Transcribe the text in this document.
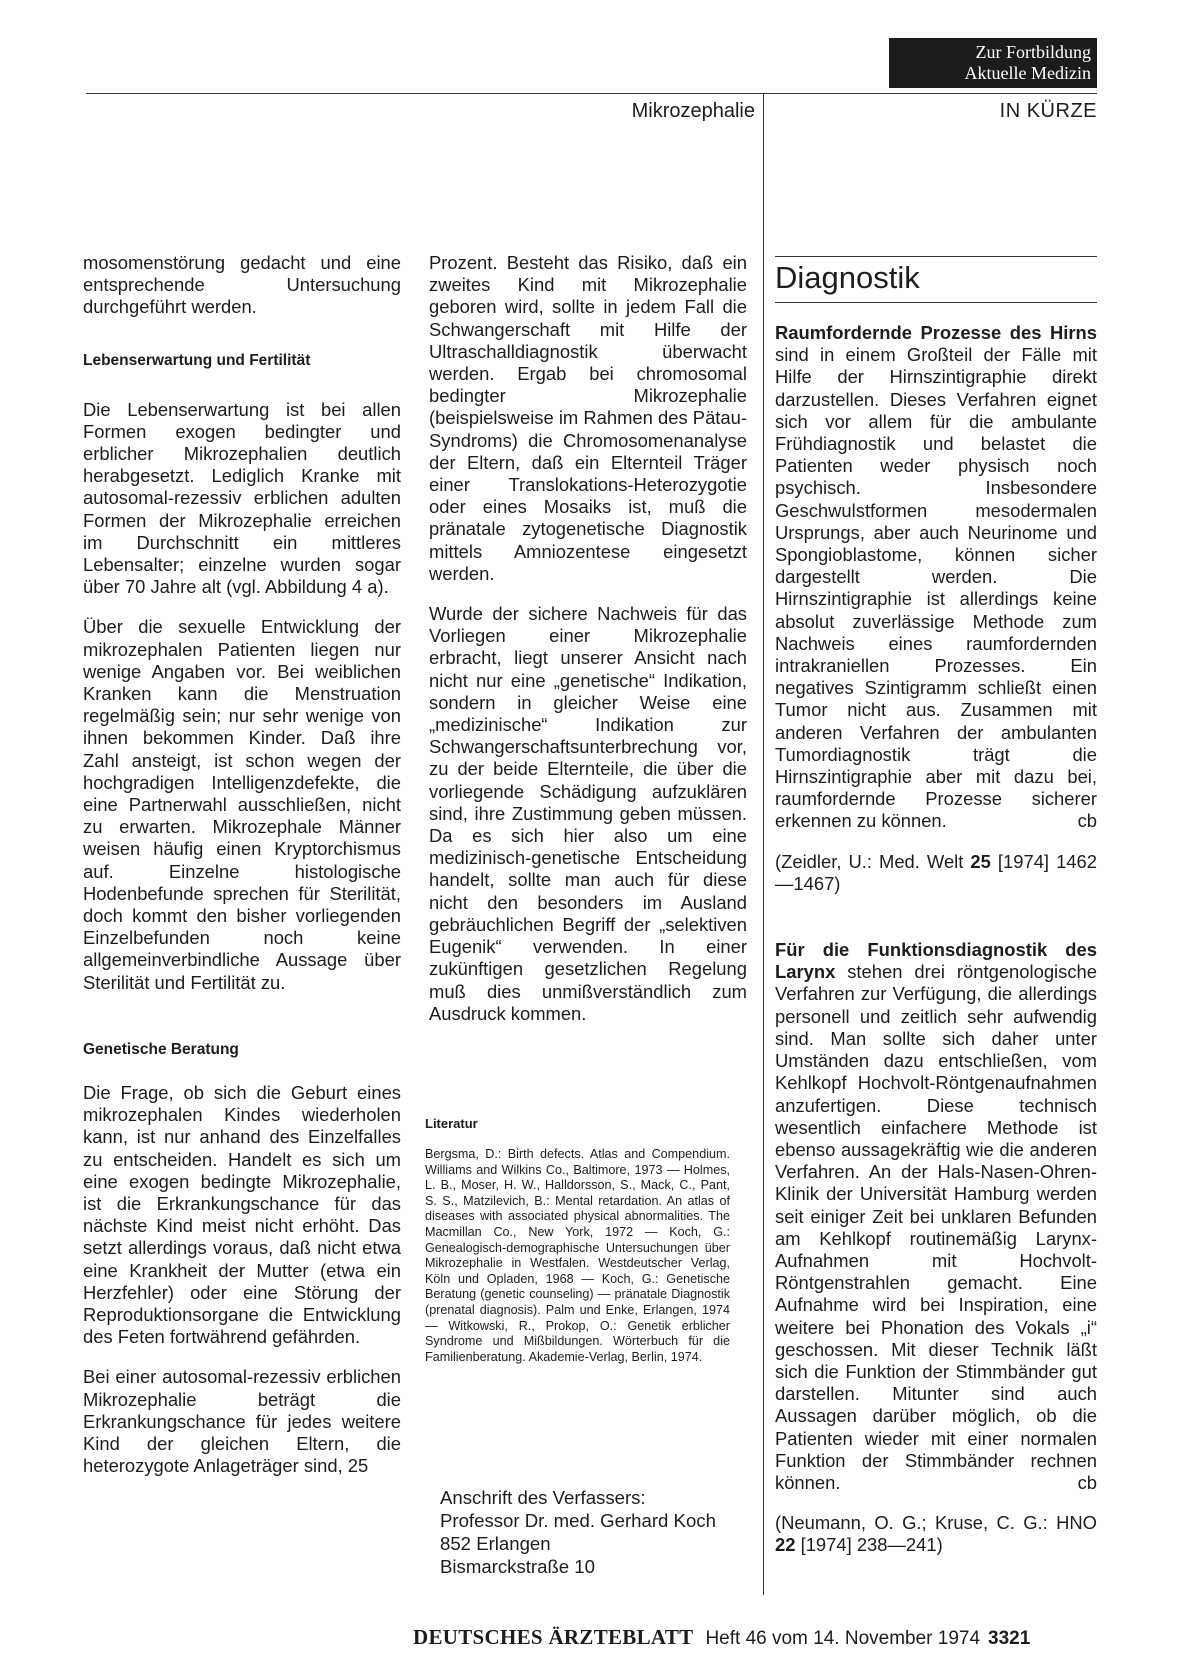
Zur Fortbildung
Aktuelle Medizin
Mikrozephalie	IN KÜRZE

mosomenstörung gedacht und eine entsprechende Untersuchung durchgeführt werden.

Lebenserwartung und Fertilität

Die Lebenserwartung ist bei allen Formen exogen bedingter und erblicher Mikrozephalien deutlich herabgesetzt. Lediglich Kranke mit autosomal-rezessiv erblichen adulten Formen der Mikrozephalie erreichen im Durchschnitt ein mittleres Lebensalter; einzelne wurden sogar über 70 Jahre alt (vgl. Abbildung 4 a).

Über die sexuelle Entwicklung der mikrozephalen Patienten liegen nur wenige Angaben vor. Bei weiblichen Kranken kann die Menstruation regelmäßig sein; nur sehr wenige von ihnen bekommen Kinder. Daß ihre Zahl ansteigt, ist schon wegen der hochgradigen Intelligenzdefekte, die eine Partnerwahl ausschließen, nicht zu erwarten. Mikrozephale Männer weisen häufig einen Kryptorchismus auf. Einzelne histologische Hodenbefunde sprechen für Sterilität, doch kommt den bisher vorliegenden Einzelbefunden noch keine allgemeinverbindliche Aussage über Sterilität und Fertilität zu.

Genetische Beratung

Die Frage, ob sich die Geburt eines mikrozephalen Kindes wiederholen kann, ist nur anhand des Einzelfalles zu entscheiden. Handelt es sich um eine exogen bedingte Mikrozephalie, ist die Erkrankungschance für das nächste Kind meist nicht erhöht. Das setzt allerdings voraus, daß nicht etwa eine Krankheit der Mutter (etwa ein Herzfehler) oder eine Störung der Reproduktionsorgane die Entwicklung des Feten fortwährend gefährden.

Bei einer autosomal-rezessiv erblichen Mikrozephalie beträgt die Erkrankungschance für jedes weitere Kind der gleichen Eltern, die heterozygote Anlageträger sind, 25

Prozent. Besteht das Risiko, daß ein zweites Kind mit Mikrozephalie geboren wird, sollte in jedem Fall die Schwangerschaft mit Hilfe der Ultraschalldiagnostik überwacht werden. Ergab bei chromosomal bedingter Mikrozephalie (beispielsweise im Rahmen des Pätau-Syndroms) die Chromosomenanalyse der Eltern, daß ein Elternteil Träger einer Translokations-Heterozygotie oder eines Mosaiks ist, muß die pränatale zytogenetische Diagnostik mittels Amniozentese eingesetzt werden.

Wurde der sichere Nachweis für das Vorliegen einer Mikrozephalie erbracht, liegt unserer Ansicht nach nicht nur eine „genetische“ Indikation, sondern in gleicher Weise eine „medizinische“ Indikation zur Schwangerschaftsunterbrechung vor, zu der beide Elternteile, die über die vorliegende Schädigung aufzuklären sind, ihre Zustimmung geben müssen. Da es sich hier also um eine medizinisch-genetische Entscheidung handelt, sollte man auch für diese nicht den besonders im Ausland gebräuchlichen Begriff der „selektiven Eugenik“ verwenden. In einer zukünftigen gesetzlichen Regelung muß dies unmißverständlich zum Ausdruck kommen.

Literatur
Bergsma, D.: Birth defects. Atlas and Compendium. Williams and Wilkins Co., Baltimore, 1973 — Holmes, L. B., Moser, H. W., Halldorsson, S., Mack, C., Pant, S. S., Matzilevich, B.: Mental retardation. An atlas of diseases with associated physical abnormalities. The Macmillan Co., New York, 1972 — Koch, G.: Genealogisch-demographische Untersuchungen über Mikrozephalie in Westfalen. Westdeutscher Verlag, Köln und Opladen, 1968 — Koch, G.: Genetische Beratung (genetic counseling) — pränatale Diagnostik (prenatal diagnosis). Palm und Enke, Erlangen, 1974 — Witkowski, R., Prokop, O.: Genetik erblicher Syndrome und Mißbildungen. Wörterbuch für die Familienberatung. Akademie-Verlag, Berlin, 1974.
Anschrift des Verfassers:
Professor Dr. med. Gerhard Koch
852 Erlangen
Bismarckstraße 10
Diagnostik

Raumfordernde Prozesse des Hirns sind in einem Großteil der Fälle mit Hilfe der Hirnszintigraphie direkt darzustellen. Dieses Verfahren eignet sich vor allem für die ambulante Frühdiagnostik und belastet die Patienten weder physisch noch psychisch. Insbesondere Geschwulstformen mesodermalen Ursprungs, aber auch Neurinome und Spongioblastome, können sicher dargestellt werden. Die Hirnszintigraphie ist allerdings keine absolut zuverlässige Methode zum Nachweis eines raumfordernden intrakraniellen Prozesses. Ein negatives Szintigramm schließt einen Tumor nicht aus. Zusammen mit anderen Verfahren der ambulanten Tumordiagnostik trägt die Hirnszintigraphie aber mit dazu bei, raumfordernde Prozesse sicherer erkennen zu können.	cb

(Zeidler, U.: Med. Welt 25 [1974] 1462—1467)

Für die Funktionsdiagnostik des Larynx stehen drei röntgenologische Verfahren zur Verfügung, die allerdings personell und zeitlich sehr aufwendig sind. Man sollte sich daher unter Umständen dazu entschließen, vom Kehlkopf Hochvolt-Röntgenaufnahmen anzufertigen. Diese technisch wesentlich einfachere Methode ist ebenso aussagekräftig wie die anderen Verfahren. An der Hals-Nasen-Ohren-Klinik der Universität Hamburg werden seit einiger Zeit bei unklaren Befunden am Kehlkopf routinemäßig Larynx-Aufnahmen mit Hochvolt-Röntgenstrahlen gemacht. Eine Aufnahme wird bei Inspiration, eine weitere bei Phonation des Vokals „i“ geschossen. Mit dieser Technik läßt sich die Funktion der Stimmbänder gut darstellen. Mitunter sind auch Aussagen darüber möglich, ob die Patienten wieder mit einer normalen Funktion der Stimmbänder rechnen können.	cb

(Neumann, O. G.; Kruse, C. G.: HNO 22 [1974] 238—241)

DEUTSCHES ÄRZTEBLATT Heft 46 vom 14. November 1974 3321
